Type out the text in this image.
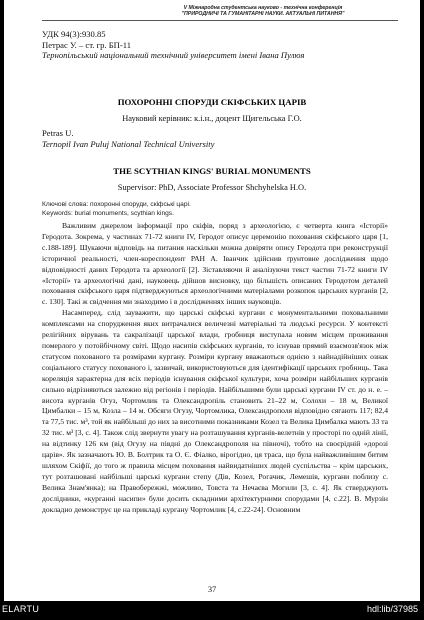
V Міжнародна студентська науково - технічна конференція
"ПРИРОДНИЧІ ТА ГУМАНІТАРНІ НАУКИ. АКТУАЛЬНІ ПИТАННЯ"
УДК 94(3):930.85
Петрас У. – ст. гр. БП-11
Тернопільський національний технічний університет імені Івана Пулюя
ПОХОРОННІ СПОРУДИ СКІФСЬКИХ ЦАРІВ
Науковий керівник: к.і.н., доцент Щигельська Г.О.
Petras U.
Ternopil Ivan Puluj National Technical University
THE SCYTHIAN KINGS' BURIAL MONUMENTS
Supervisor: PhD, Associate Professor Shchyhelska H.O.
Ключові слова: похоронні споруди, скіфські царі.
Keywords: burial monuments, scythian kings.

Важливим джерелом інформації про скіфів, поряд з археологією, є четверта книга «Історії» Геродота. Зокрема, у частинах 71-72 книги IV, Геродот описує церемонію поховання скіфського царя [1, с.188-189]. Шукаючи відповідь на питання наскільки можна довіряти опису Геродота при реконструкції історичної реальності, член-кореспондент РАН А. Іванчик здійснив ґрунтовне дослідження щодо відповідності даних Геродота та археології [2]. Зіставляючи й аналізуючи текст частин 71-72 книги IV «Історії» та археологічні дані, науковець дійшов висновку, що більшість описаних Геродотом деталей поховання скіфського царя підтверджуються археологічними матеріалами розкопок царських курганів [2, с. 130]. Такі ж свідчення ми знаходимо і в дослідженнях інших науковців.

Насамперед, слід зауважити, що царські скіфські кургани є монументальними поховальними комплексами на спорудження яких витрачалися величезні матеріальні та людські ресурси. У контексті релігійних вірувань та сакралізації царської влади, гробниця виступала новим місцем проживання померлого у потойбічному світі. Щодо насипів скіфських курганів, то існував прямий взаємозв'язок між статусом похованого та розмірами кургану. Розміри кургану вважаються однією з найнадійніших ознак соціального статусу похованого і, зазвичай, використовуються для ідентифікації царських гробниць. Така кореляція характерна для всіх періодів існування скіфської культури, хоча розміри найбільших курганів сильно відрізняються залежно від регіонів і періодів. Найбільшими були царські кургани IV ст. до н. е. – висота курганів Огуз, Чортомлик та Олександропіль становить 21–22 м, Солохи – 18 м, Великої Цимбалки – 15 м, Козла – 14 м. Обсяги Огузу, Чортомлика, Олександрополя відповідно сягають 117; 82,4 та 77,5 тис. м³, той як найбільші до них за висотними показниками Козел та Велика Цимбалка мають 33 та 32 тис. м³ [3, с. 4]. Також слід звернути увагу на розташування курганів-велетнів у просторі по одній лінії, на відтинку 126 км (від Огузу на півдні до Олександрополя на півночі), тобто на своєрідній «дорозі царів». Як зазначають Ю. В. Болтрик та О. Є. Фіалко, вірогідно, ця траса, що була найважливішим битим шляхом Скіфії, до того ж правила місцем поховання найвидатніших людей суспільства – крім царських, тут розташовані найбільші царські кургани степу (Дів, Козел, Рогачик, Лемешів, кургани поблизу с. Велика Знам'янка); на Правобережжі, можливо, Товста та Нечаєва Могили [3, с. 4]. Як стверджують дослідники, «курганні насипи» були досить складними архітектурними спорудами [4, с.22]. В. Мурзін докладно демонструє це на прикладі кургану Чортомлик [4, с.22-24]. Основним

37
ELARTU	hdl:lib/37985
